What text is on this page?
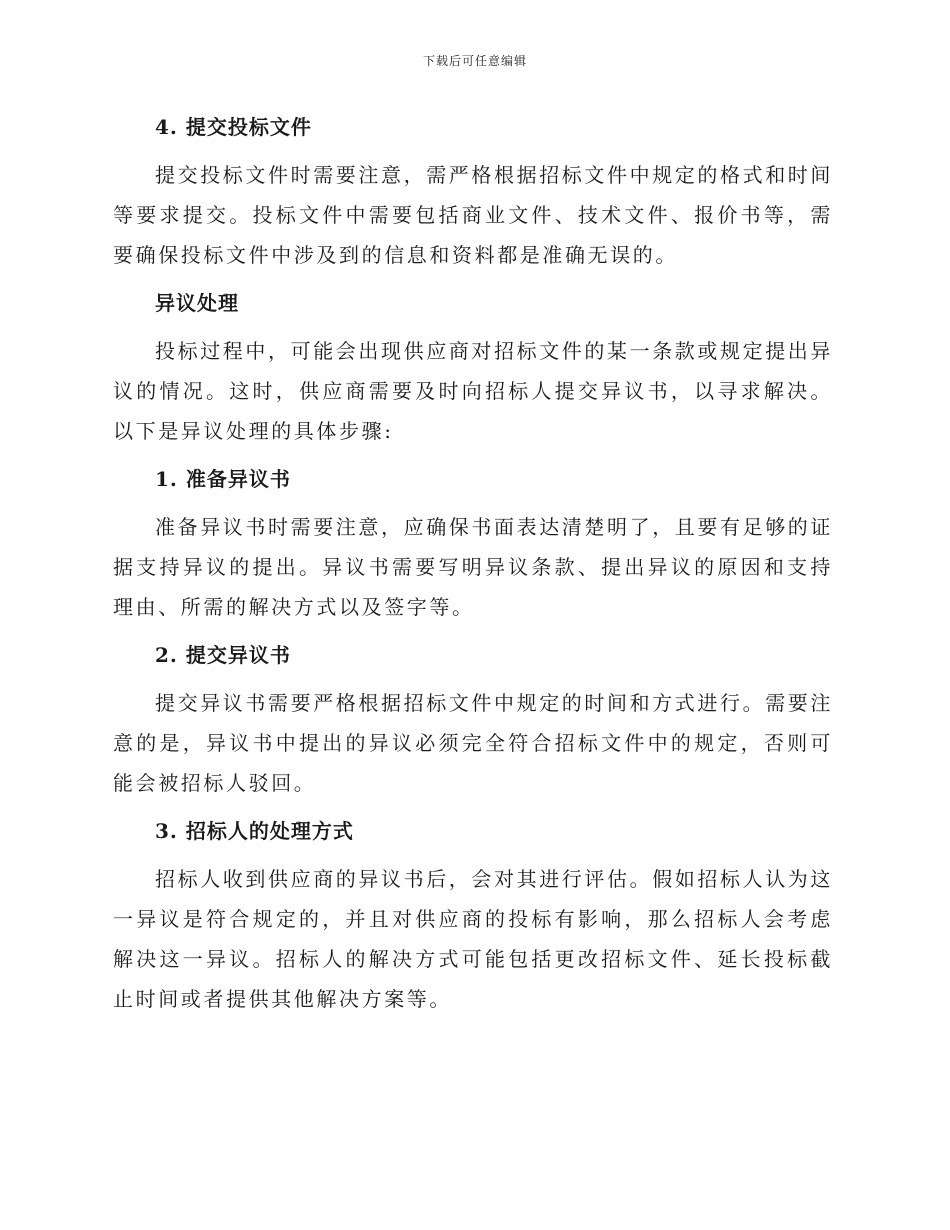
下载后可任意编辑
4. 提交投标文件

提交投标文件时需要注意，需严格根据招标文件中规定的格式和时间等要求提交。投标文件中需要包括商业文件、技术文件、报价书等，需要确保投标文件中涉及到的信息和资料都是准确无误的。

异议处理

投标过程中，可能会出现供应商对招标文件的某一条款或规定提出异议的情况。这时，供应商需要及时向招标人提交异议书，以寻求解决。以下是异议处理的具体步骤:

1. 准备异议书

准备异议书时需要注意，应确保书面表达清楚明了，且要有足够的证据支持异议的提出。异议书需要写明异议条款、提出异议的原因和支持理由、所需的解决方式以及签字等。

2. 提交异议书

提交异议书需要严格根据招标文件中规定的时间和方式进行。需要注意的是，异议书中提出的异议必须完全符合招标文件中的规定，否则可能会被招标人驳回。

3. 招标人的处理方式

招标人收到供应商的异议书后，会对其进行评估。假如招标人认为这一异议是符合规定的，并且对供应商的投标有影响，那么招标人会考虑解决这一异议。招标人的解决方式可能包括更改招标文件、延长投标截止时间或者提供其他解决方案等。
